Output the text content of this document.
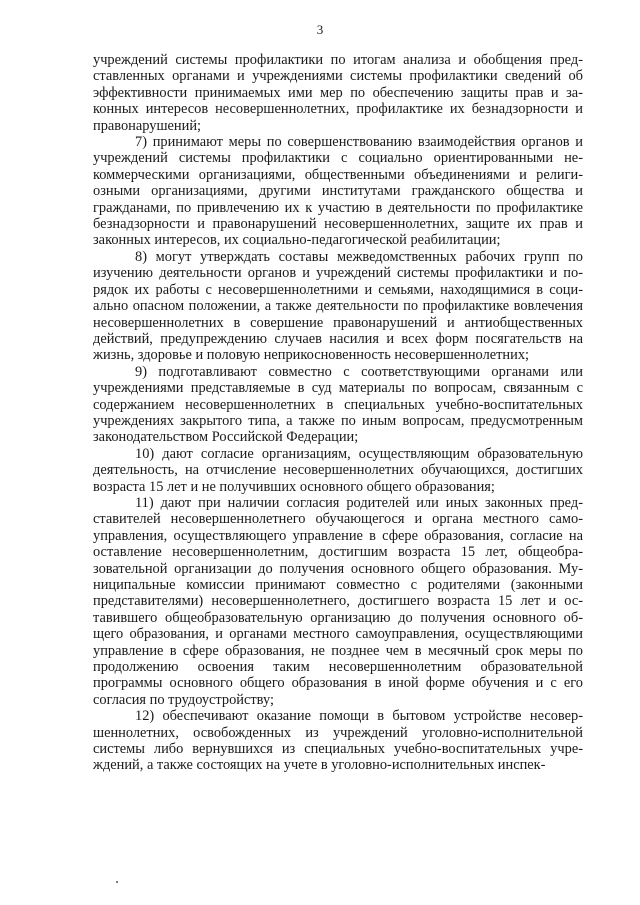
3

учреждений системы профилактики по итогам анализа и обобщения представленных органами и учреждениями системы профилактики сведений об эффективности принимаемых ими мер по обеспечению защиты прав и законных интересов несовершеннолетних, профилактике их безнадзорности и правонарушений;

7) принимают меры по совершенствованию взаимодействия органов и учреждений системы профилактики с социально ориентированными некоммерческими организациями, общественными объединениями и религиозными организациями, другими институтами гражданского общества и гражданами, по привлечению их к участию в деятельности по профилактике безнадзорности и правонарушений несовершеннолетних, защите их прав и законных интересов, их социально-педагогической реабилитации;

8) могут утверждать составы межведомственных рабочих групп по изучению деятельности органов и учреждений системы профилактики и порядок их работы с несовершеннолетними и семьями, находящимися в социально опасном положении, а также деятельности по профилактике вовлечения несовершеннолетних в совершение правонарушений и антиобщественных действий, предупреждению случаев насилия и всех форм посягательств на жизнь, здоровье и половую неприкосновенность несовершеннолетних;

9) подготавливают совместно с соответствующими органами или учреждениями представляемые в суд материалы по вопросам, связанным с содержанием несовершеннолетних в специальных учебно-воспитательных учреждениях закрытого типа, а также по иным вопросам, предусмотренным законодательством Российской Федерации;

10) дают согласие организациям, осуществляющим образовательную деятельность, на отчисление несовершеннолетних обучающихся, достигших возраста 15 лет и не получивших основного общего образования;

11) дают при наличии согласия родителей или иных законных представителей несовершеннолетнего обучающегося и органа местного самоуправления, осуществляющего управление в сфере образования, согласие на оставление несовершеннолетним, достигшим возраста 15 лет, общеобразовательной организации до получения основного общего образования. Муниципальные комиссии принимают совместно с родителями (законными представителями) несовершеннолетнего, достигшего возраста 15 лет и оставившего общеобразовательную организацию до получения основного общего образования, и органами местного самоуправления, осуществляющими управление в сфере образования, не позднее чем в месячный срок меры по продолжению освоения таким несовершеннолетним образовательной программы основного общего образования в иной форме обучения и с его согласия по трудоустройству;

12) обеспечивают оказание помощи в бытовом устройстве несовершеннолетних, освобожденных из учреждений уголовно-исполнительной системы либо вернувшихся из специальных учебно-воспитательных учреждений, а также состоящих на учете в уголовно-исполнительных инспек-
